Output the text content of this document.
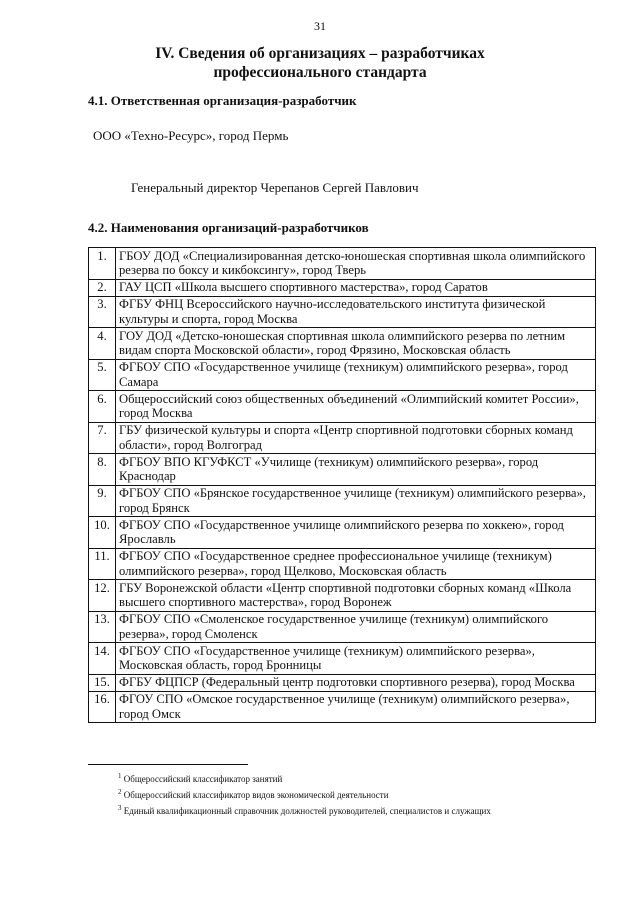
31
IV. Сведения об организациях – разработчиках
профессионального стандарта
4.1. Ответственная организация-разработчик
ООО «Техно-Ресурс», город Пермь
Генеральный директор Черепанов Сергей Павлович
4.2. Наименования организаций-разработчиков
1.	ГБОУ ДОД «Специализированная детско-юношеская спортивная школа олимпийского резерва по боксу и кикбоксингу», город Тверь
2.	ГАУ ЦСП «Школа высшего спортивного мастерства», город Саратов
3.	ФГБУ ФНЦ Всероссийского научно-исследовательского института физической культуры и спорта, город Москва
4.	ГОУ ДОД «Детско-юношеская спортивная школа олимпийского резерва по летним видам спорта Московской области», город Фрязино, Московская область
5.	ФГБОУ СПО «Государственное училище (техникум) олимпийского резерва», город Самара
6.	Общероссийский союз общественных объединений «Олимпийский комитет России», город Москва
7.	ГБУ физической культуры и спорта «Центр спортивной подготовки сборных команд области», город Волгоград
8.	ФГБОУ ВПО КГУФКСТ «Училище (техникум) олимпийского резерва», город Краснодар
9.	ФГБОУ СПО «Брянское государственное училище (техникум) олимпийского резерва», город Брянск
10.	ФГБОУ СПО «Государственное училище олимпийского резерва по хоккею», город Ярославль
11.	ФГБОУ СПО «Государственное среднее профессиональное училище (техникум) олимпийского резерва», город Щелково, Московская область
12.	ГБУ Воронежской области «Центр спортивной подготовки сборных команд «Школа высшего спортивного мастерства», город Воронеж
13.	ФГБОУ СПО «Смоленское государственное училище (техникум) олимпийского резерва», город Смоленск
14.	ФГБОУ СПО «Государственное училище (техникум) олимпийского резерва», Московская область, город Бронницы
15.	ФГБУ ФЦПСР (Федеральный центр подготовки спортивного резерва), город Москва
16.	ФГОУ СПО «Омское государственное училище (техникум) олимпийского резерва», город Омск
$^1$ Общероссийский классификатор занятий
$^2$ Общероссийский классификатор видов экономической деятельности
$^3$ Единый квалификационный справочник должностей руководителей, специалистов и служащих
